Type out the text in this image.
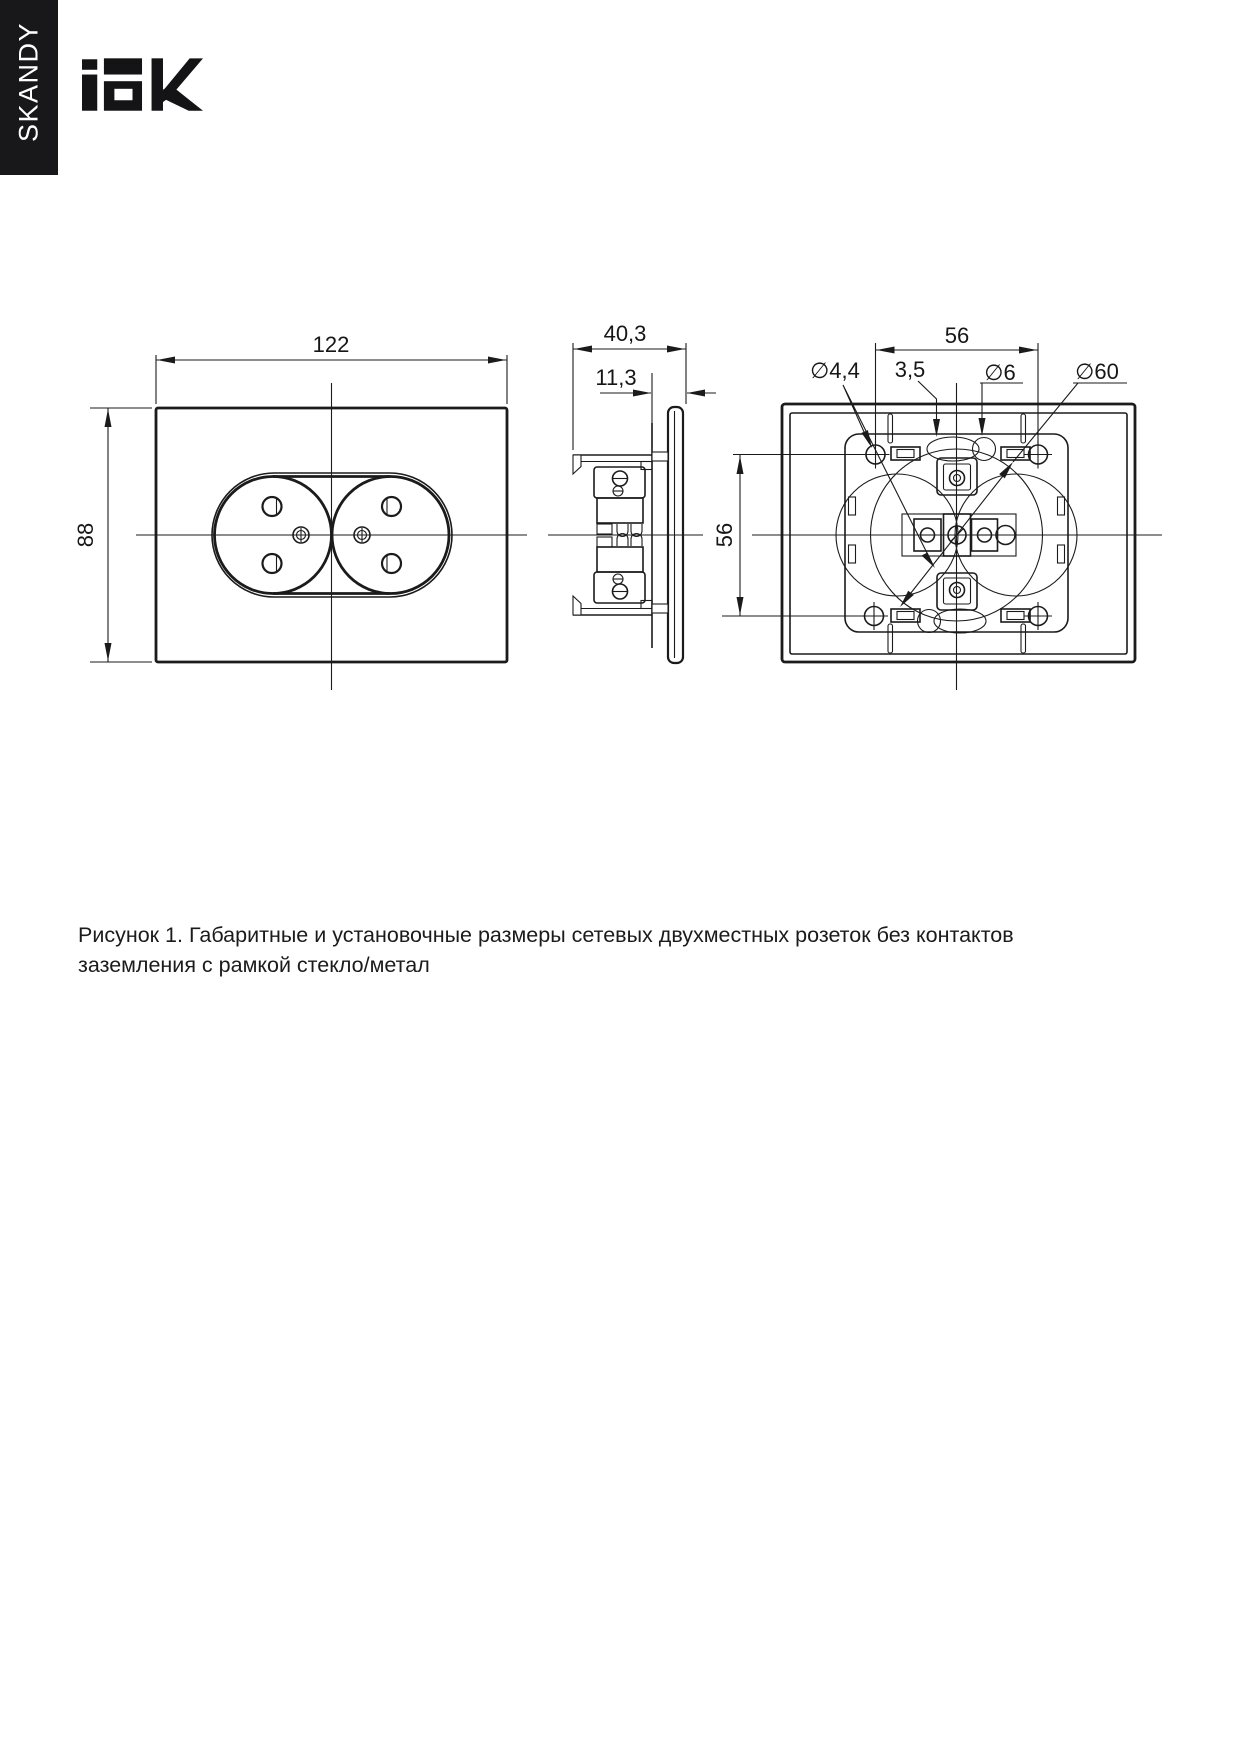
SKANDY
122
88
40,3
11,3
56
56
∅4,4 3,5	∅6	∅60
Рисунок 1. Габаритные и установочные размеры сетевых двухместных розеток без контактов заземления с рамкой стекло/метал
